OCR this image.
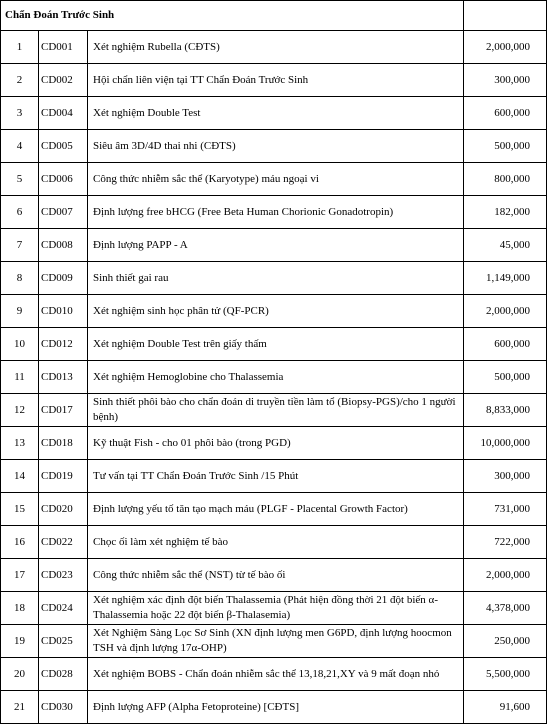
Chẩn Đoán Trước Sinh			
1	CD001	Xét nghiệm Rubella (CĐTS)	2,000,000
2	CD002	Hội chẩn liên viện tại TT Chẩn Đoán Trước Sinh	300,000
3	CD004	Xét nghiệm Double Test	600,000
4	CD005	Siêu âm 3D/4D thai nhi (CĐTS)	500,000
5	CD006	Công thức nhiễm sắc thể (Karyotype) máu ngoại vi	800,000
6	CD007	Định lượng free bHCG (Free Beta Human Chorionic Gonadotropin)	182,000
7	CD008	Định lượng PAPP - A	45,000
8	CD009	Sinh thiết gai rau	1,149,000
9	CD010	Xét nghiệm sinh học phân tử (QF-PCR)	2,000,000
10	CD012	Xét nghiệm Double Test trên giấy thấm	600,000
11	CD013	Xét nghiệm Hemoglobine cho Thalassemia	500,000
12	CD017	Sinh thiết phôi bào cho chẩn đoán di truyền tiền làm tổ (Biopsy-PGS)/cho 1 người bệnh)	8,833,000
13	CD018	Kỹ thuật Fish - cho 01 phôi bào (trong PGD)	10,000,000
14	CD019	Tư vấn tại TT Chẩn Đoán Trước Sinh /15 Phút	300,000
15	CD020	Định lượng yếu tố tăn tạo mạch máu (PLGF - Placental Growth Factor)	731,000
16	CD022	Chọc ối làm xét nghiệm tế bào	722,000
17	CD023	Công thức nhiễm sắc thể (NST) từ tế bào ối	2,000,000
18	CD024	Xét nghiệm xác định đột biến Thalassemia (Phát hiện đồng thời 21 đột biến α-Thalassemia hoặc 22 đột biến β-Thalasemia)	4,378,000
19	CD025	Xét Nghiệm Sàng Lọc Sơ Sinh (XN định lượng men G6PD, định lượng hoocmon TSH và định lượng 17α-OHP)	250,000
20	CD028	Xét nghiệm BOBS - Chẩn đoán nhiễm sắc thể 13,18,21,XY và 9 mất đoạn nhỏ	5,500,000
21	CD030	Định lượng AFP (Alpha Fetoproteine) [CĐTS]	91,600
